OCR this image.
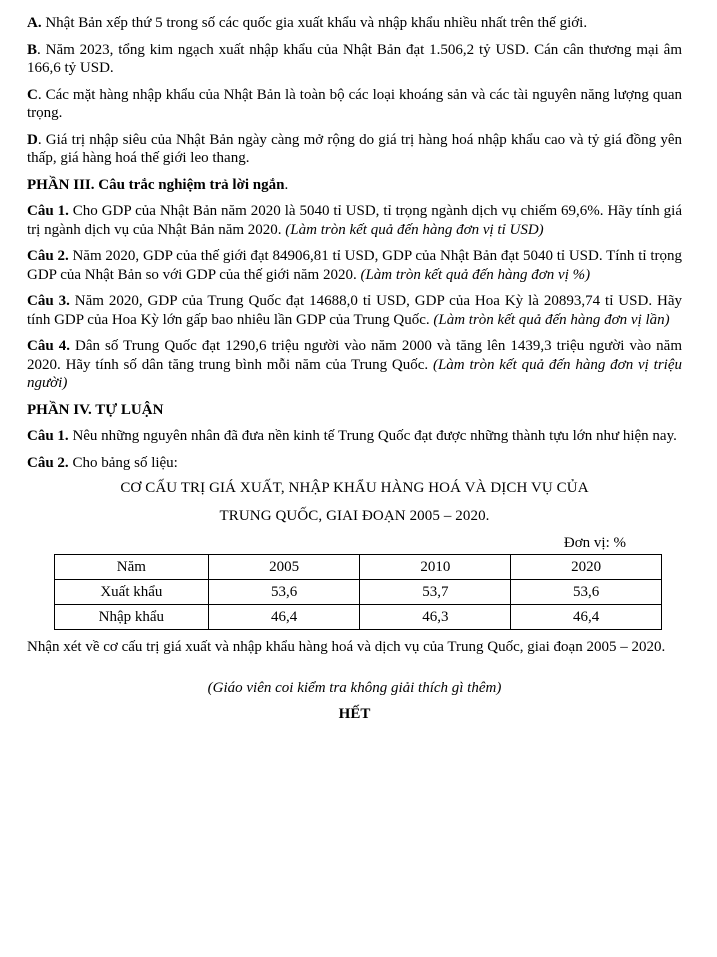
A. Nhật Bản xếp thứ 5 trong số các quốc gia xuất khẩu và nhập khẩu nhiều nhất trên thế giới.

B. Năm 2023, tổng kim ngạch xuất nhập khẩu của Nhật Bản đạt 1.506,2 tỷ USD. Cán cân thương mại âm 166,6 tỷ USD.

C. Các mặt hàng nhập khẩu của Nhật Bản là toàn bộ các loại khoáng sản và các tài nguyên năng lượng quan trọng.

D. Giá trị nhập siêu của Nhật Bản ngày càng mở rộng do giá trị hàng hoá nhập khẩu cao và tỷ giá đồng yên thấp, giá hàng hoá thế giới leo thang.

PHẦN III. Câu trắc nghiệm trả lời ngắn.

Câu 1. Cho GDP của Nhật Bản năm 2020 là 5040 tỉ USD, tỉ trọng ngành dịch vụ chiếm 69,6%. Hãy tính giá trị ngành dịch vụ của Nhật Bản năm 2020. (Làm tròn kết quả đến hàng đơn vị tỉ USD)

Câu 2. Năm 2020, GDP của thế giới đạt 84906,81 tỉ USD, GDP của Nhật Bản đạt 5040 tỉ USD. Tính tỉ trọng GDP của Nhật Bản so với GDP của thế giới năm 2020. (Làm tròn kết quả đến hàng đơn vị %)

Câu 3. Năm 2020, GDP của Trung Quốc đạt 14688,0 tỉ USD, GDP của Hoa Kỳ là 20893,74 tỉ USD. Hãy tính GDP của Hoa Kỳ lớn gấp bao nhiêu lần GDP của Trung Quốc. (Làm tròn kết quả đến hàng đơn vị lần)

Câu 4. Dân số Trung Quốc đạt 1290,6 triệu người vào năm 2000 và tăng lên 1439,3 triệu người vào năm 2020. Hãy tính số dân tăng trung bình mỗi năm của Trung Quốc. (Làm tròn kết quả đến hàng đơn vị triệu người)

PHẦN IV. TỰ LUẬN

Câu 1. Nêu những nguyên nhân đã đưa nền kinh tế Trung Quốc đạt được những thành tựu lớn như hiện nay.

Câu 2. Cho bảng số liệu:

CƠ CẤU TRỊ GIÁ XUẤT, NHẬP KHẨU HÀNG HOÁ VÀ DỊCH VỤ CỦA
TRUNG QUỐC, GIAI ĐOẠN 2005 – 2020.
Đơn vị: %
Năm	2005	2010	2020
Xuất khẩu	53,6	53,7	53,6
Nhập khẩu	46,4	46,3	46,4

Nhận xét về cơ cấu trị giá xuất và nhập khẩu hàng hoá và dịch vụ của Trung Quốc, giai đoạn 2005 – 2020.

(Giáo viên coi kiểm tra không giải thích gì thêm)

HẾT
